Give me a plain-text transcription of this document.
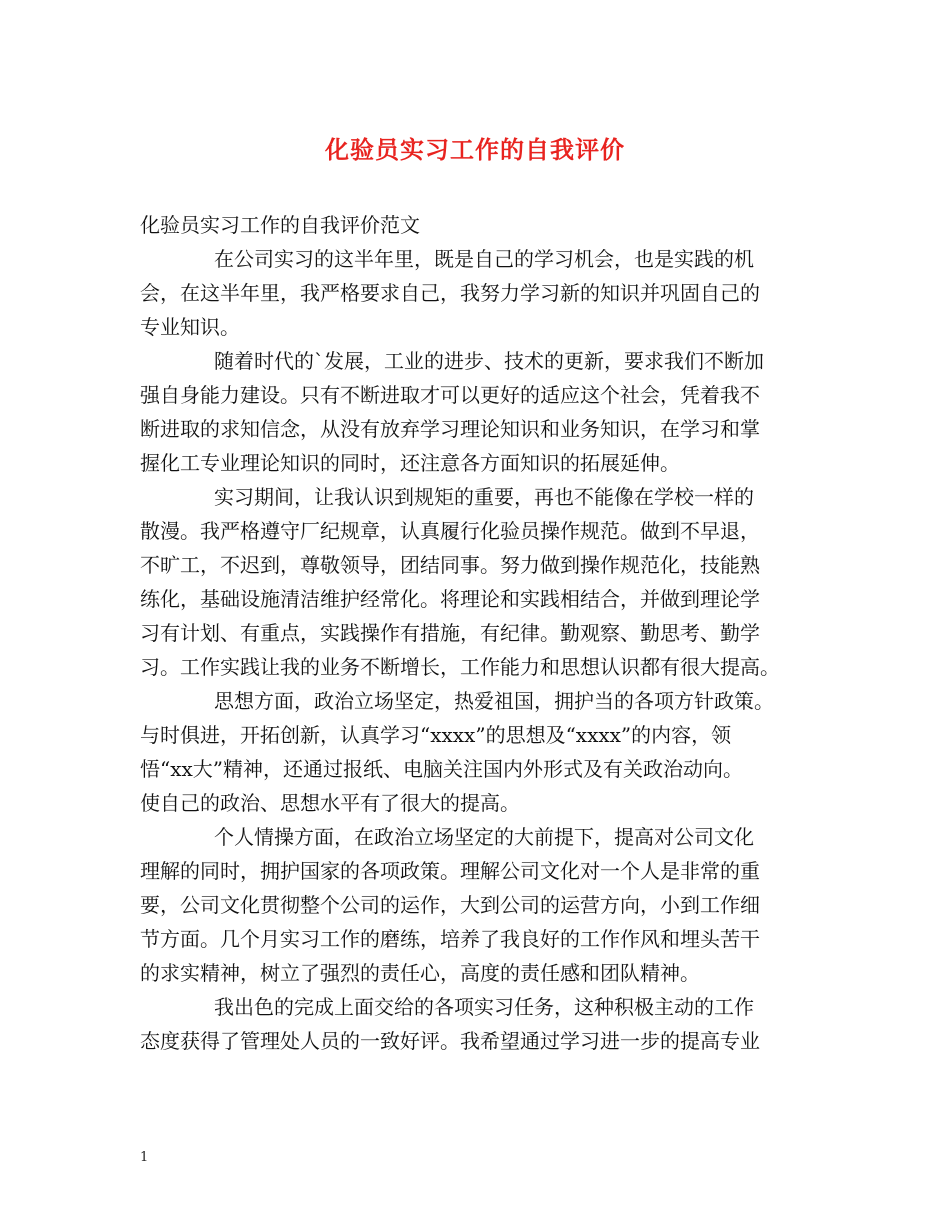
化验员实习工作的自我评价
化验员实习工作的自我评价范文
在公司实习的这半年里，既是自己的学习机会，也是实践的机
会，在这半年里，我严格要求自己，我努力学习新的知识并巩固自己的
专业知识。
随着时代的`发展，工业的进步、技术的更新，要求我们不断加
强自身能力建设。只有不断进取才可以更好的适应这个社会，凭着我不
断进取的求知信念，从没有放弃学习理论知识和业务知识，在学习和掌
握化工专业理论知识的同时，还注意各方面知识的拓展延伸。
实习期间，让我认识到规矩的重要，再也不能像在学校一样的
散漫。我严格遵守厂纪规章，认真履行化验员操作规范。做到不早退，
不旷工，不迟到，尊敬领导，团结同事。努力做到操作规范化，技能熟
练化，基础设施清洁维护经常化。将理论和实践相结合，并做到理论学
习有计划、有重点，实践操作有措施，有纪律。勤观察、勤思考、勤学
习。工作实践让我的业务不断增长，工作能力和思想认识都有很大提高。
思想方面，政治立场坚定，热爱祖国，拥护当的各项方针政策。
与时俱进，开拓创新，认真学习“xxxx”的思想及“xxxx”的内容，领
悟“xx大”精神，还通过报纸、电脑关注国内外形式及有关政治动向。
使自己的政治、思想水平有了很大的提高。
个人情操方面，在政治立场坚定的大前提下，提高对公司文化
理解的同时，拥护国家的各项政策。理解公司文化对一个人是非常的重
要，公司文化贯彻整个公司的运作，大到公司的运营方向，小到工作细
节方面。几个月实习工作的磨练，培养了我良好的工作作风和埋头苦干
的求实精神，树立了强烈的责任心，高度的责任感和团队精神。
我出色的完成上面交给的各项实习任务，这种积极主动的工作
态度获得了管理处人员的一致好评。我希望通过学习进一步的提高专业
1
